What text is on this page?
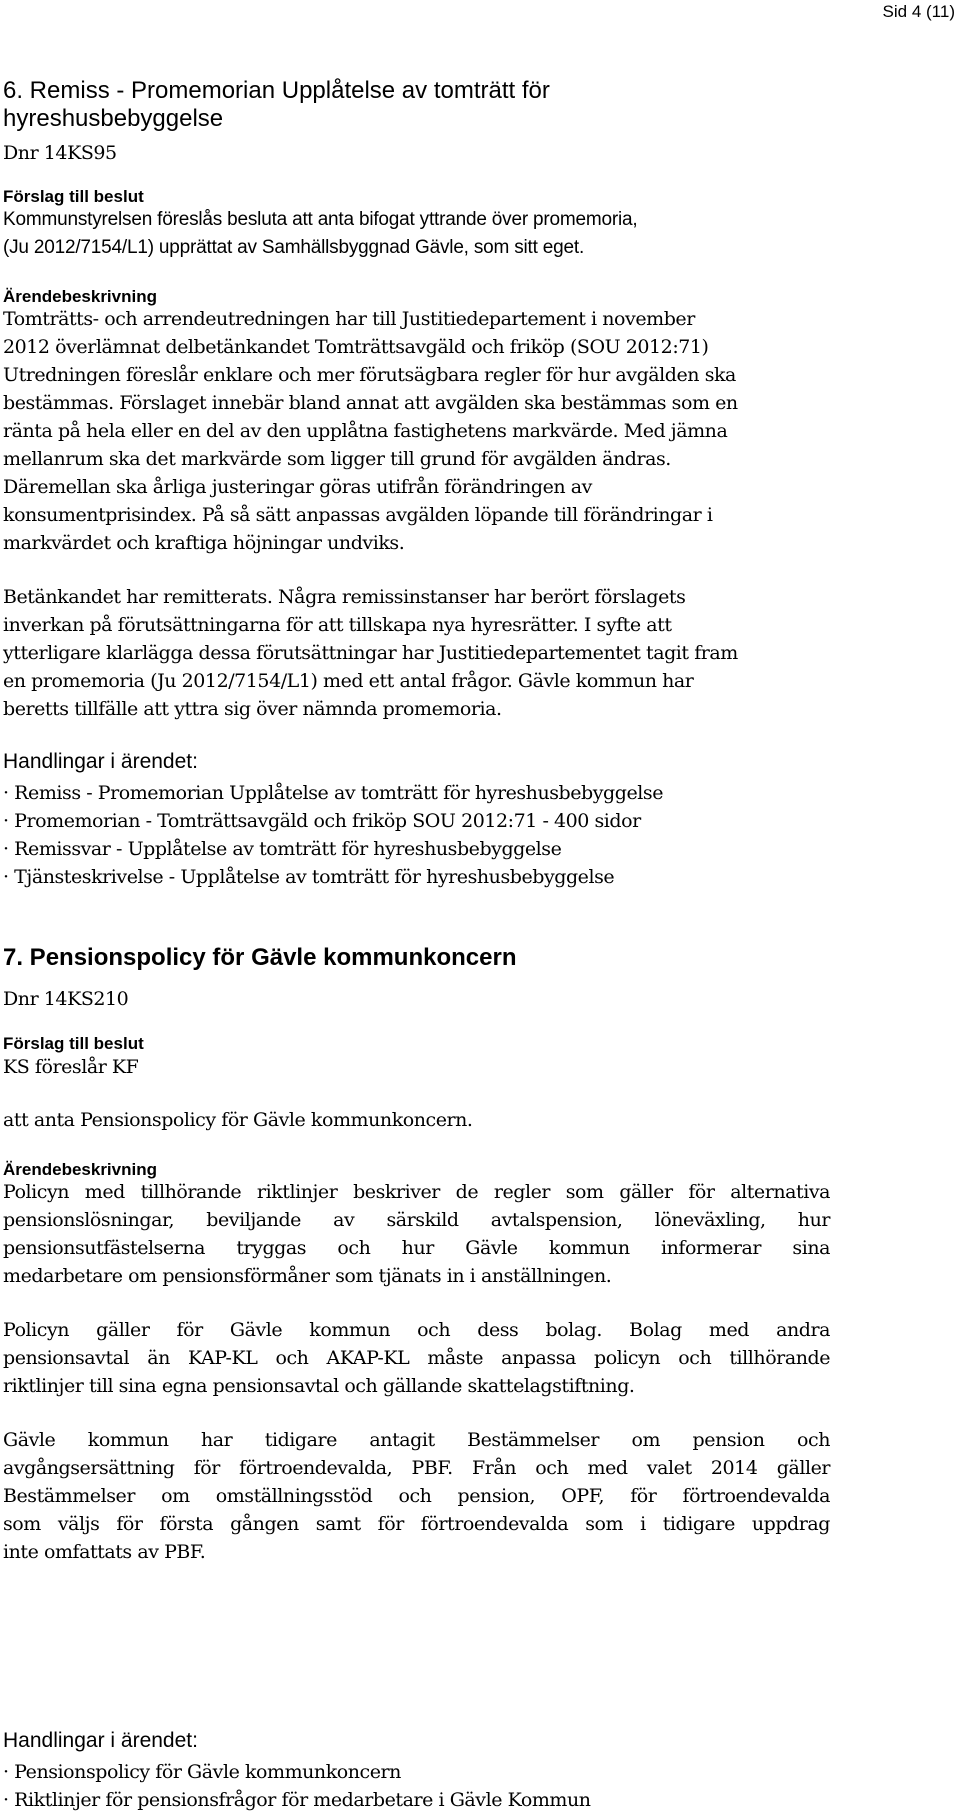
Sid 4 (11)
6. Remiss - Promemorian Upplåtelse av tomträtt för
hyreshusbebyggelse
Dnr 14KS95
Förslag till beslut
Kommunstyrelsen föreslås besluta att anta bifogat yttrande över promemoria,
(Ju 2012/7154/L1) upprättat av Samhällsbyggnad Gävle, som sitt eget.
Ärendebeskrivning
Tomträtts- och arrendeutredningen har till Justitiedepartement i november
2012 överlämnat delbetänkandet Tomträttsavgäld och friköp (SOU 2012:71)
Utredningen föreslår enklare och mer förutsägbara regler för hur avgälden ska
bestämmas. Förslaget innebär bland annat att avgälden ska bestämmas som en
ränta på hela eller en del av den upplåtna fastighetens markvärde. Med jämna
mellanrum ska det markvärde som ligger till grund för avgälden ändras.
Däremellan ska årliga justeringar göras utifrån förändringen av
konsumentprisindex. På så sätt anpassas avgälden löpande till förändringar i
markvärdet och kraftiga höjningar undviks.
Betänkandet har remitterats. Några remissinstanser har berört förslagets
inverkan på förutsättningarna för att tillskapa nya hyresrätter. I syfte att
ytterligare klarlägga dessa förutsättningar har Justitiedepartementet tagit fram
en promemoria (Ju 2012/7154/L1) med ett antal frågor. Gävle kommun har
beretts tillfälle att yttra sig över nämnda promemoria.
Handlingar i ärendet:
· Remiss - Promemorian Upplåtelse av tomträtt för hyreshusbebyggelse
· Promemorian - Tomträttsavgäld och friköp SOU 2012:71 - 400 sidor
· Remissvar - Upplåtelse av tomträtt för hyreshusbebyggelse
· Tjänsteskrivelse - Upplåtelse av tomträtt för hyreshusbebyggelse
7. Pensionspolicy för Gävle kommunkoncern
Dnr 14KS210
Förslag till beslut
KS föreslår KF
att anta Pensionspolicy för Gävle kommunkoncern.
Ärendebeskrivning
Policyn med tillhörande riktlinjer beskriver de regler som gäller för alternativa
pensionslösningar, beviljande av särskild avtalspension, löneväxling, hur
pensionsutfästelserna tryggas och hur Gävle kommun informerar sina
medarbetare om pensionsförmåner som tjänats in i anställningen.
Policyn gäller för Gävle kommun och dess bolag. Bolag med andra
pensionsavtal än KAP-KL och AKAP-KL måste anpassa policyn och tillhörande
riktlinjer till sina egna pensionsavtal och gällande skattelagstiftning.
Gävle kommun har tidigare antagit Bestämmelser om pension och
avgångsersättning för förtroendevalda, PBF. Från och med valet 2014 gäller
Bestämmelser om omställningsstöd och pension, OPF, för förtroendevalda
som väljs för första gången samt för förtroendevalda som i tidigare uppdrag
inte omfattats av PBF.
Handlingar i ärendet:
· Pensionspolicy för Gävle kommunkoncern
· Riktlinjer för pensionsfrågor för medarbetare i Gävle Kommun
